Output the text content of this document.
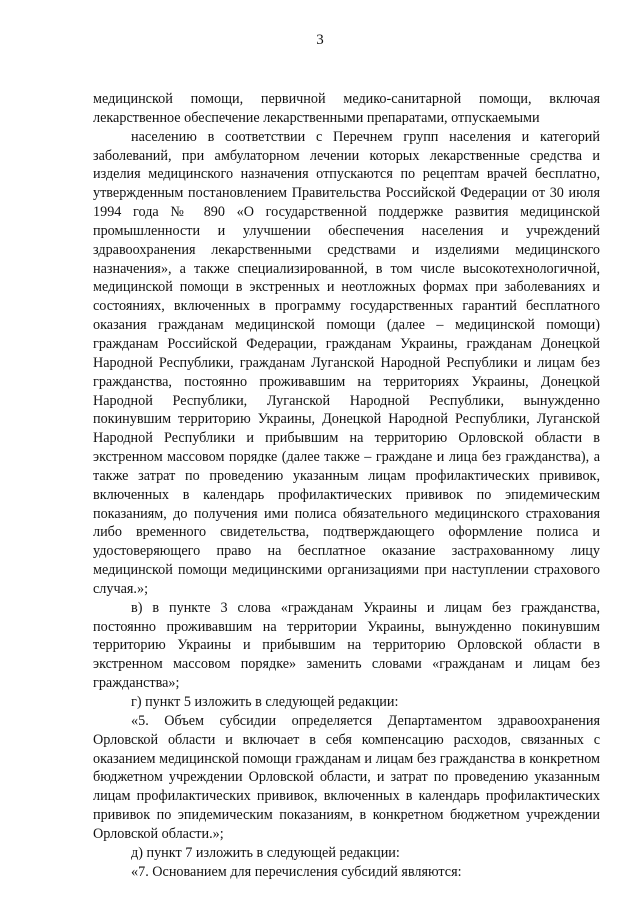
3

медицинской помощи, первичной медико-санитарной помощи, включая лекарственное обеспечение лекарственными препаратами, отпускаемыми

населению в соответствии с Перечнем групп населения и категорий заболеваний, при амбулаторном лечении которых лекарственные средства и изделия медицинского назначения отпускаются по рецептам врачей бесплатно, утвержденным постановлением Правительства Российской Федерации от 30 июля 1994 года № 890 «О государственной поддержке развития медицинской промышленности и улучшении обеспечения населения и учреждений здравоохранения лекарственными средствами и изделиями медицинского назначения», а также специализированной, в том числе высокотехнологичной, медицинской помощи в экстренных и неотложных формах при заболеваниях и состояниях, включенных в программу государственных гарантий бесплатного оказания гражданам медицинской помощи (далее – медицинской помощи) гражданам Российской Федерации, гражданам Украины, гражданам Донецкой Народной Республики, гражданам Луганской Народной Республики и лицам без гражданства, постоянно проживавшим на территориях Украины, Донецкой Народной Республики, Луганской Народной Республики, вынужденно покинувшим территорию Украины, Донецкой Народной Республики, Луганской Народной Республики и прибывшим на территорию Орловской области в экстренном массовом порядке (далее также – граждане и лица без гражданства), а также затрат по проведению указанным лицам профилактических прививок, включенных в календарь профилактических прививок по эпидемическим показаниям, до получения ими полиса обязательного медицинского страхования либо временного свидетельства, подтверждающего оформление полиса и удостоверяющего право на бесплатное оказание застрахованному лицу медицинской помощи медицинскими организациями при наступлении страхового случая.»;

в) в пункте 3 слова «гражданам Украины и лицам без гражданства, постоянно проживавшим на территории Украины, вынужденно покинувшим территорию Украины и прибывшим на территорию Орловской области в экстренном массовом порядке» заменить словами «гражданам и лицам без гражданства»;

г) пункт 5 изложить в следующей редакции:

«5. Объем субсидии определяется Департаментом здравоохранения Орловской области и включает в себя компенсацию расходов, связанных с оказанием медицинской помощи гражданам и лицам без гражданства в конкретном бюджетном учреждении Орловской области, и затрат по проведению указанным лицам профилактических прививок, включенных в календарь профилактических прививок по эпидемическим показаниям, в конкретном бюджетном учреждении Орловской области.»;

д) пункт 7 изложить в следующей редакции:

«7. Основанием для перечисления субсидий являются:
